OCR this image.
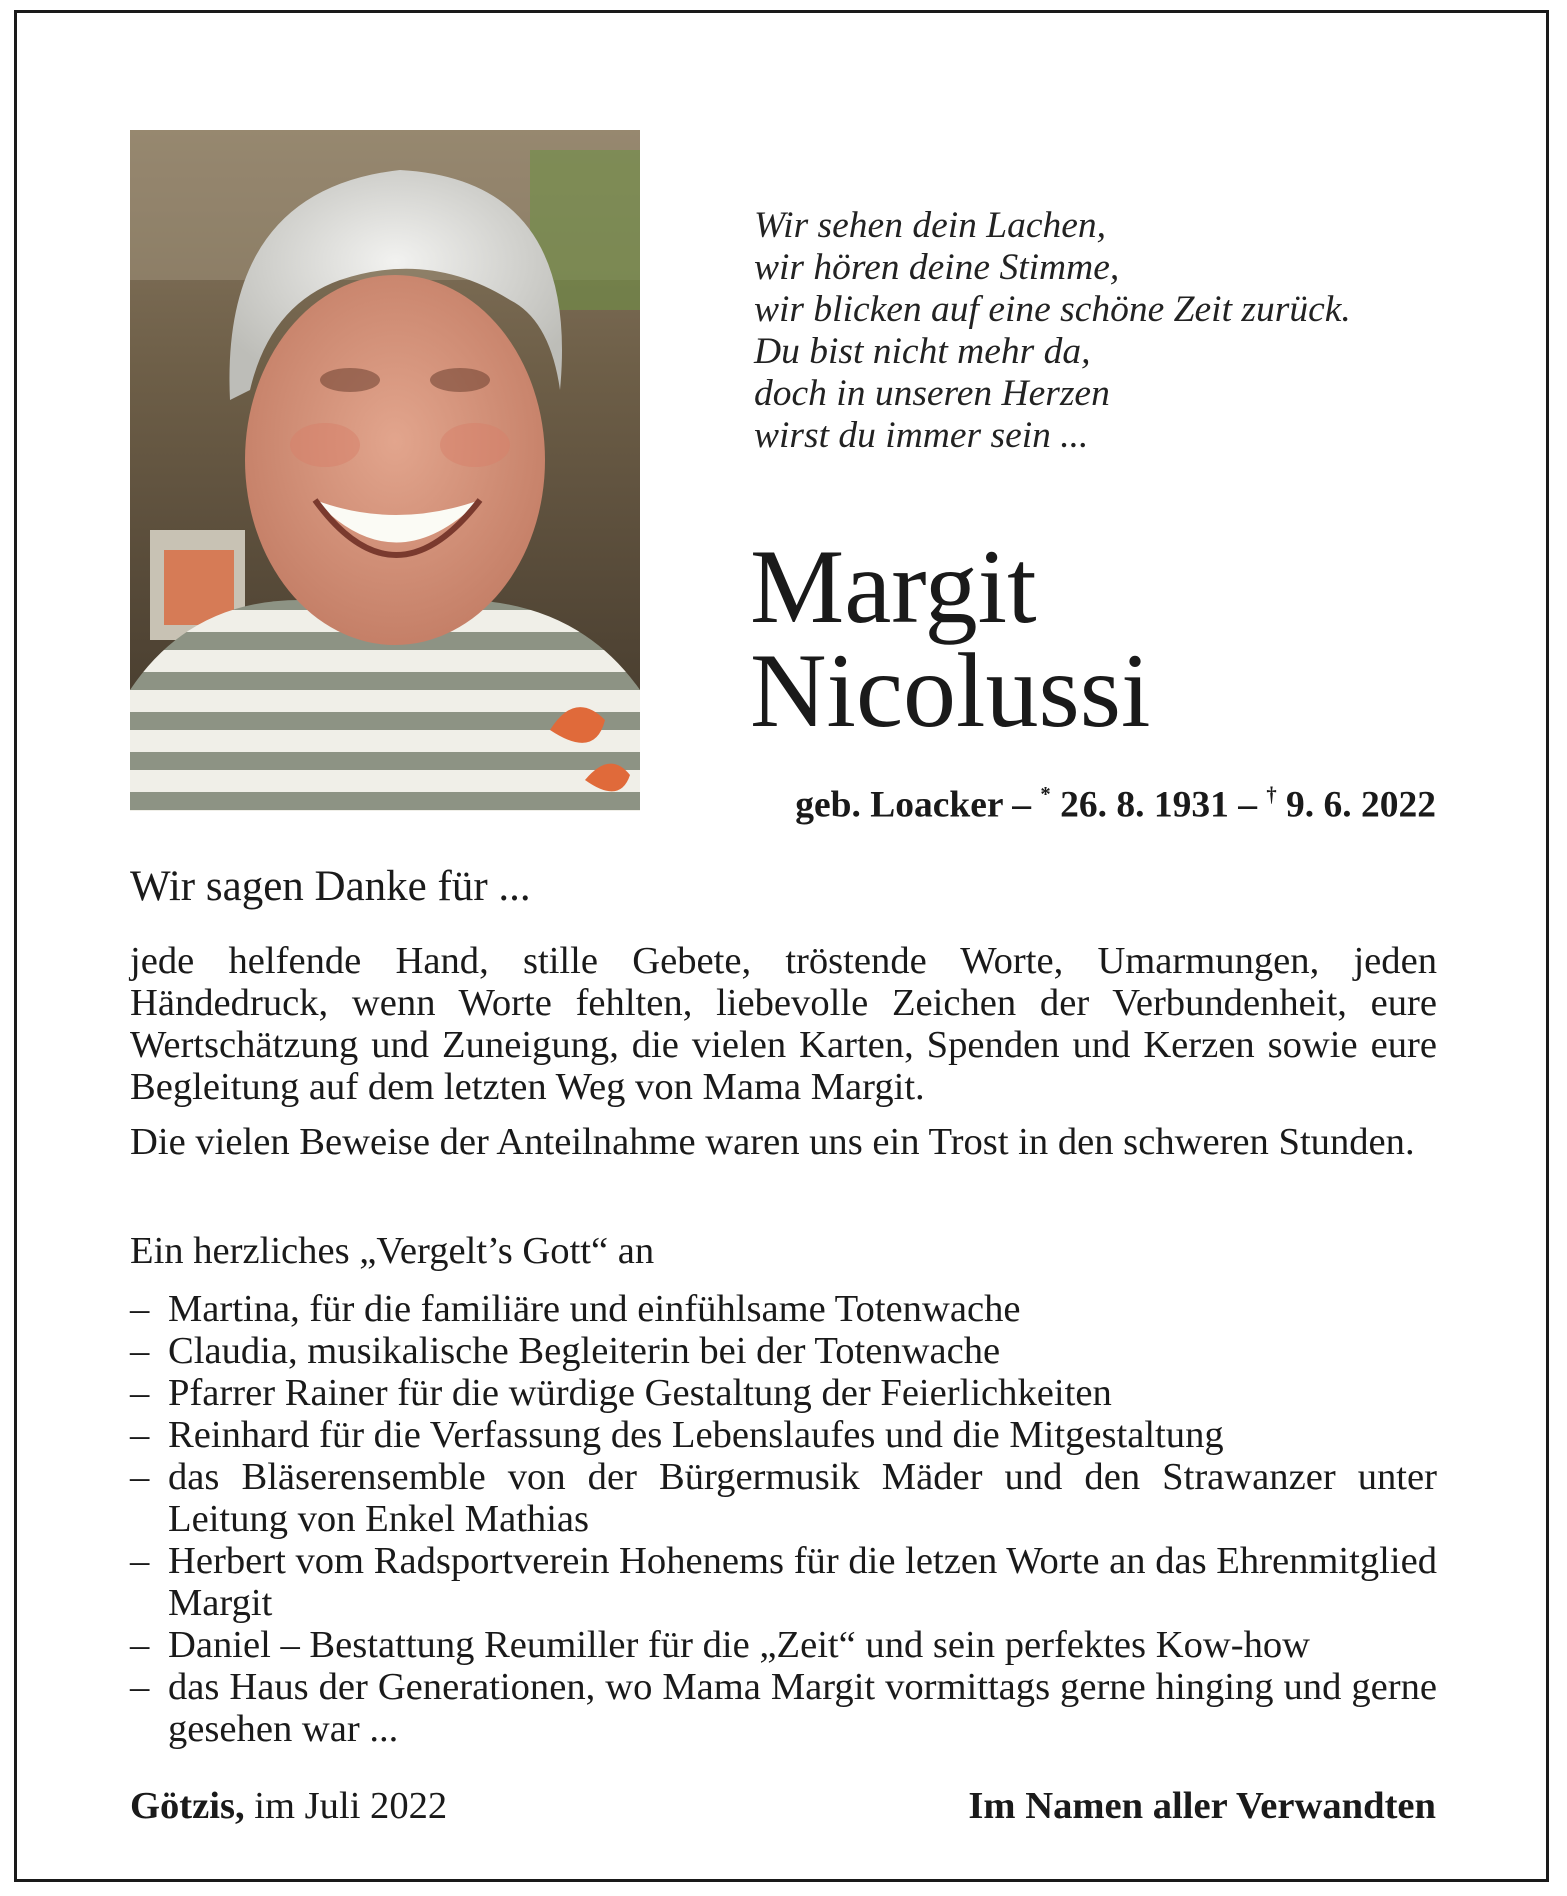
Wir sehen dein Lachen,
wir hören deine Stimme,
wir blicken auf eine schöne Zeit zurück.
Du bist nicht mehr da,
doch in unseren Herzen
wirst du immer sein ...
Margit
Nicolussi
geb. Loacker – * 26. 8. 1931 – † 9. 6. 2022
Wir sagen Danke für ...
jede helfende Hand, stille Gebete, tröstende Worte, Umarmungen, jeden Händedruck, wenn Worte fehlten, liebevolle Zeichen der Verbundenheit, eure Wertschätzung und Zuneigung, die vielen Karten, Spenden und Kerzen sowie eure Begleitung auf dem letzten Weg von Mama Margit.
Die vielen Beweise der Anteilnahme waren uns ein Trost in den schweren Stunden.
Ein herzliches „Vergelt’s Gott“ an
– Martina, für die familiäre und einfühlsame Totenwache
– Claudia, musikalische Begleiterin bei der Totenwache
– Pfarrer Rainer für die würdige Gestaltung der Feierlichkeiten
– Reinhard für die Verfassung des Lebenslaufes und die Mitgestaltung
– das Bläserensemble von der Bürgermusik Mäder und den Strawanzer unter Leitung von Enkel Mathias
– Herbert vom Radsportverein Hohenems für die letzen Worte an das Ehrenmitglied Margit
– Daniel – Bestattung Reumiller für die „Zeit“ und sein perfektes Kow-how
– das Haus der Generationen, wo Mama Margit vormittags gerne hinging und gerne gesehen war ...
Götzis, im Juli 2022	Im Namen aller Verwandten
